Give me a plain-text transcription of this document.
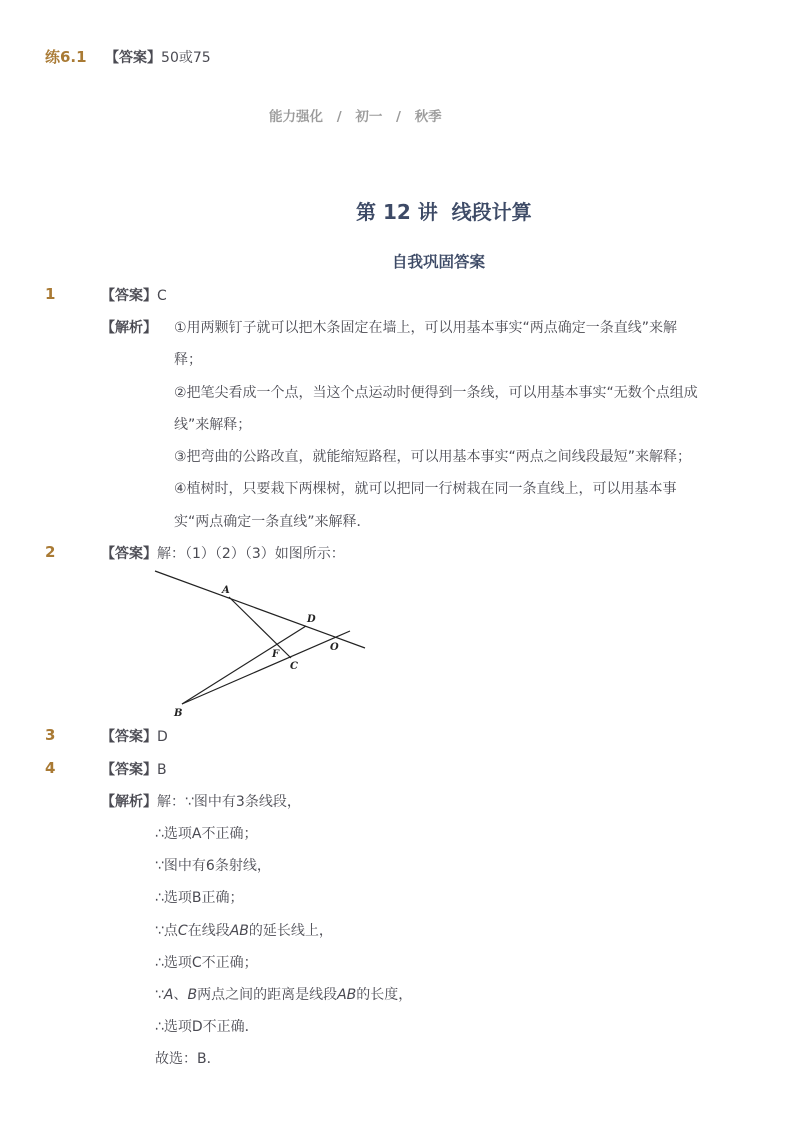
练6.1 【答案】50或75
能力强化 / 初一 / 秋季
第 12 讲  线段计算
自我巩固答案
1	【答案】C
【解析】 ①用两颗钉子就可以把木条固定在墙上，可以用基本事实“两点确定一条直线”来解
释；
②把笔尖看成一个点，当这个点运动时便得到一条线，可以用基本事实“无数个点组成
线”来解释；
③把弯曲的公路改直，就能缩短路程，可以用基本事实“两点之间线段最短”来解释；
④植树时，只要栽下两棵树，就可以把同一行树栽在同一条直线上，可以用基本事
实“两点确定一条直线”来解释．
2	【答案】解：（1）（2）（3）如图所示：
A
D
F
C
O
B
3	【答案】D
4	【答案】B
【解析】解：∵图中有3条线段，
∴选项A不正确；
∵图中有6条射线，
∴选项B正确；
∵点C在线段AB的延长线上，
∴选项C不正确；
∵A、B两点之间的距离是线段AB的长度，
∴选项D不正确．
故选：B．
